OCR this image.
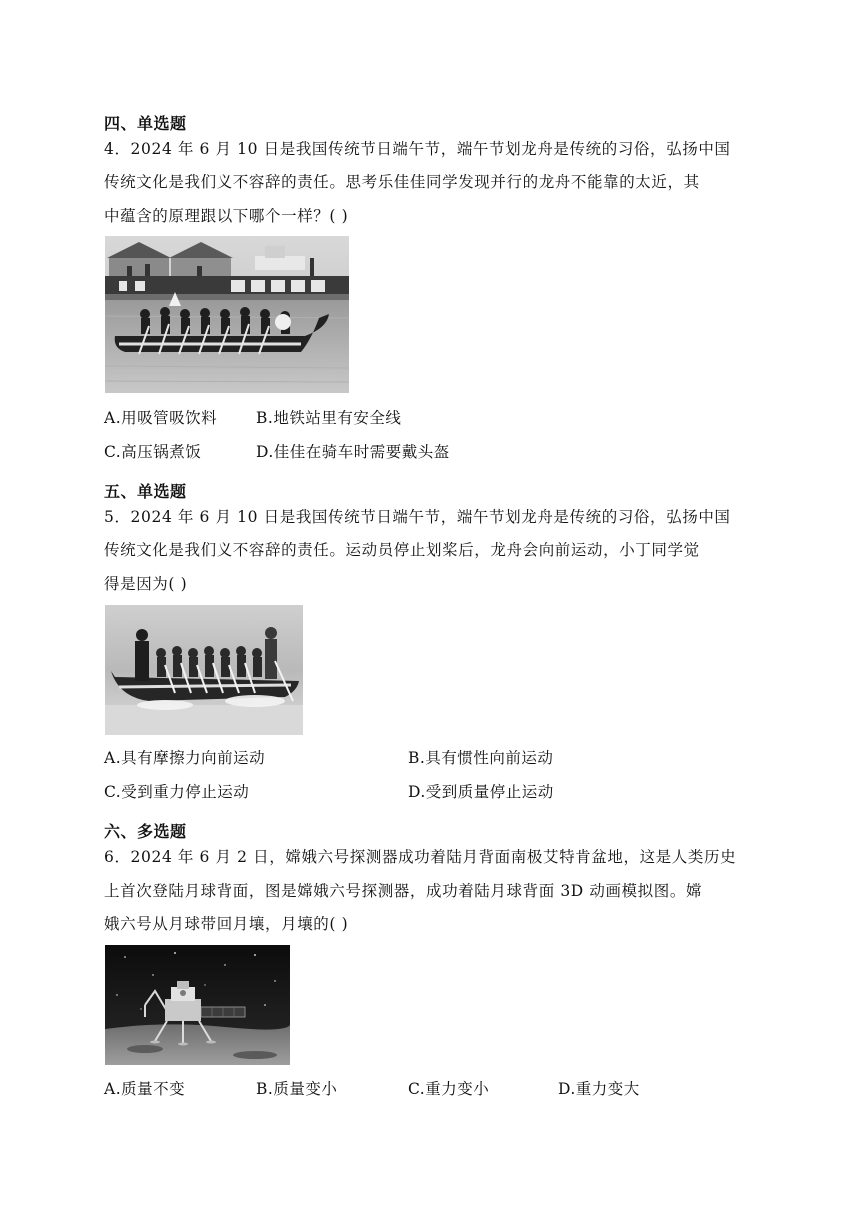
四、单选题
4．2024 年 6 月 10 日是我国传统节日端午节，端午节划龙舟是传统的习俗，弘扬中国
传统文化是我们义不容辞的责任。思考乐佳佳同学发现并行的龙舟不能靠的太近，其
中蕴含的原理跟以下哪个一样？( )
A.用吸管吸饮料	B.地铁站里有安全线
C.高压锅煮饭	D.佳佳在骑车时需要戴头盔
五、单选题
5．2024 年 6 月 10 日是我国传统节日端午节，端午节划龙舟是传统的习俗，弘扬中国
传统文化是我们义不容辞的责任。运动员停止划桨后，龙舟会向前运动，小丁同学觉
得是因为( )
A.具有摩擦力向前运动	B.具有惯性向前运动
C.受到重力停止运动	D.受到质量停止运动
六、多选题
6．2024 年 6 月 2 日，嫦娥六号探测器成功着陆月背面南极艾特肯盆地，这是人类历史
上首次登陆月球背面，图是嫦娥六号探测器，成功着陆月球背面 3D 动画模拟图。嫦
娥六号从月球带回月壤，月壤的( )
A.质量不变	B.质量变小	C.重力变小	D.重力变大
